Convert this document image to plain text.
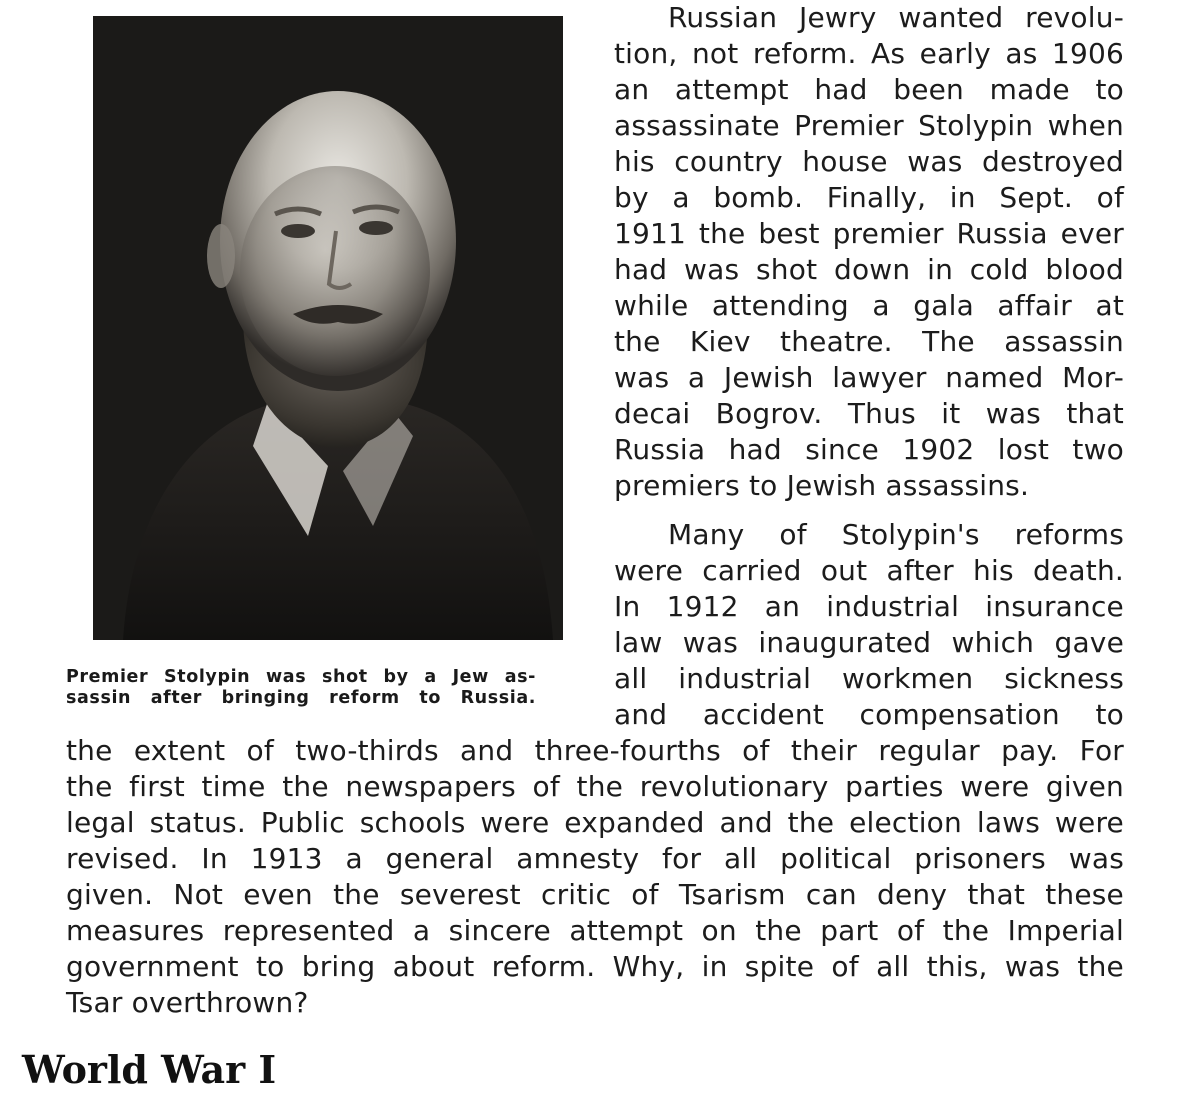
Premier Stolypin was shot by a Jew as-
sassin after bringing reform to Russia.
Russian Jewry wanted revolu-
tion, not reform. As early as 1906
an attempt had been made to
assassinate Premier Stolypin when
his country house was destroyed
by a bomb. Finally, in Sept. of
1911 the best premier Russia ever
had was shot down in cold blood
while attending a gala affair at
the Kiev theatre. The assassin
was a Jewish lawyer named Mor-
decai Bogrov. Thus it was that
Russia had since 1902 lost two
premiers to Jewish assassins.
Many of Stolypin's reforms
were carried out after his death.
In 1912 an industrial insurance
law was inaugurated which gave
all industrial workmen sickness
and accident compensation to
the extent of two-thirds and three-fourths of their regular pay. For
the first time the newspapers of the revolutionary parties were given
legal status. Public schools were expanded and the election laws were
revised. In 1913 a general amnesty for all political prisoners was
given. Not even the severest critic of Tsarism can deny that these
measures represented a sincere attempt on the part of the Imperial
government to bring about reform. Why, in spite of all this, was the
Tsar overthrown?
World War I
